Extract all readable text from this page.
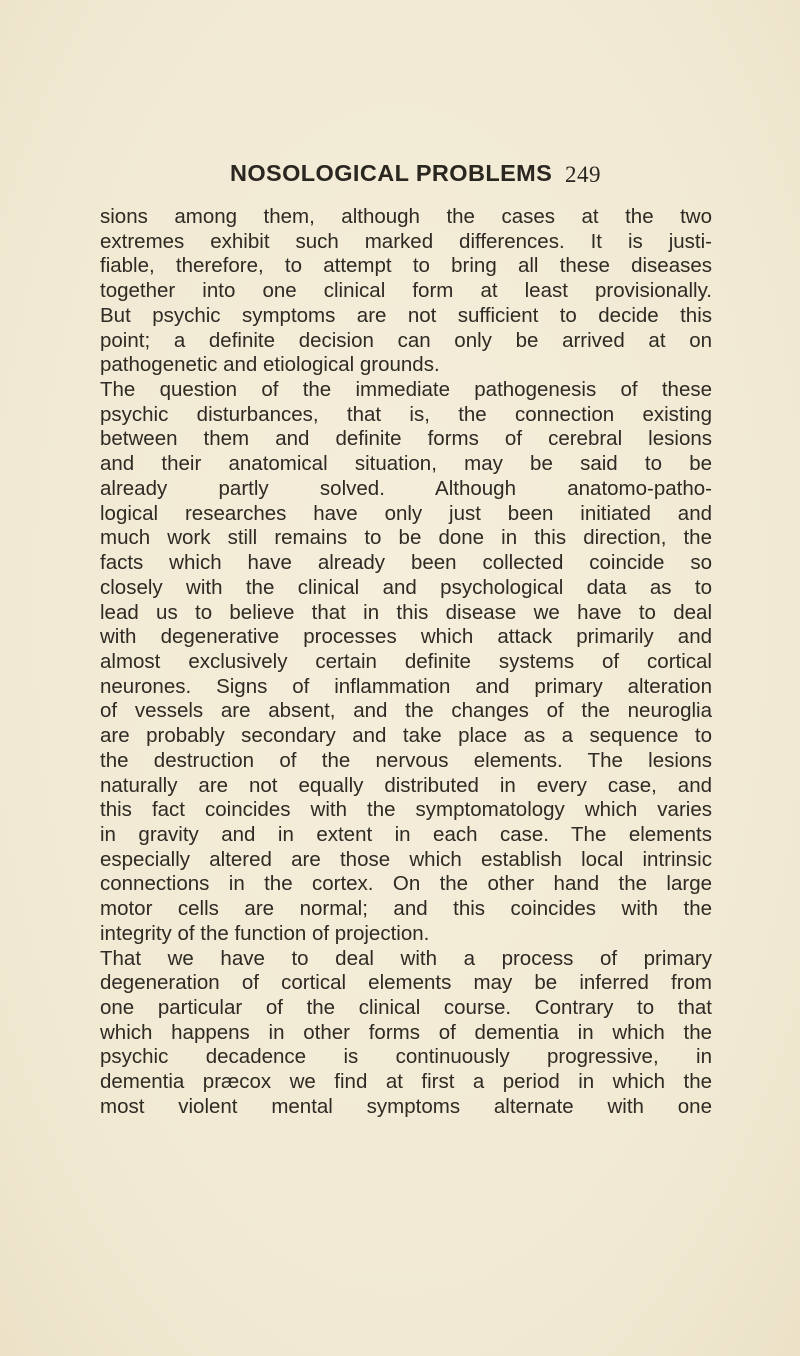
NOSOLOGICAL PROBLEMS 249
sions among them, although the cases at the two
extremes exhibit such marked differences. It is justi-
fiable, therefore, to attempt to bring all these diseases
together into one clinical form at least provisionally.
But psychic symptoms are not sufficient to decide this
point; a definite decision can only be arrived at on
pathogenetic and etiological grounds.
The question of the immediate pathogenesis of these
psychic disturbances, that is, the connection existing
between them and definite forms of cerebral lesions
and their anatomical situation, may be said to be
already partly solved. Although anatomo-patho-
logical researches have only just been initiated and
much work still remains to be done in this direction, the
facts which have already been collected coincide so
closely with the clinical and psychological data as to
lead us to believe that in this disease we have to deal
with degenerative processes which attack primarily and
almost exclusively certain definite systems of cortical
neurones. Signs of inflammation and primary alteration
of vessels are absent, and the changes of the neuroglia
are probably secondary and take place as a sequence to
the destruction of the nervous elements. The lesions
naturally are not equally distributed in every case, and
this fact coincides with the symptomatology which varies
in gravity and in extent in each case. The elements
especially altered are those which establish local intrinsic
connections in the cortex. On the other hand the large
motor cells are normal; and this coincides with the
integrity of the function of projection.
That we have to deal with a process of primary
degeneration of cortical elements may be inferred from
one particular of the clinical course. Contrary to that
which happens in other forms of dementia in which the
psychic decadence is continuously progressive, in
dementia præcox we find at first a period in which the
most violent mental symptoms alternate with one
